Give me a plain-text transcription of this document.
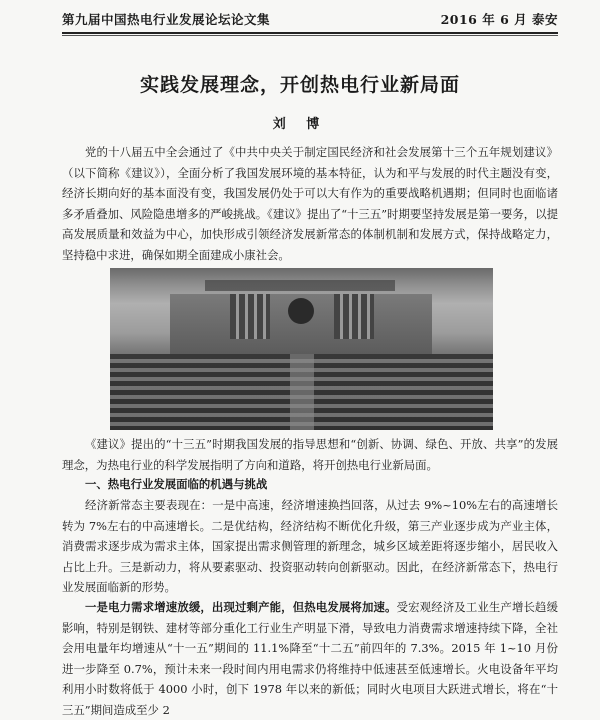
第九届中国热电行业发展论坛论文集	2016 年 6 月 泰安
实践发展理念，开创热电行业新局面
刘 博
党的十八届五中全会通过了《中共中央关于制定国民经济和社会发展第十三个五年规划建议》（以下简称《建议》），全面分析了我国发展环境的基本特征，认为和平与发展的时代主题没有变，经济长期向好的基本面没有变，我国发展仍处于可以大有作为的重要战略机遇期；但同时也面临诸多矛盾叠加、风险隐患增多的严峻挑战。《建议》提出了“十三五”时期要坚持发展是第一要务，以提高发展质量和效益为中心，加快形成引领经济发展新常态的体制机制和发展方式，保持战略定力，坚持稳中求进，确保如期全面建成小康社会。
《建议》提出的“十三五”时期我国发展的指导思想和“创新、协调、绿色、开放、共享”的发展理念，为热电行业的科学发展指明了方向和道路，将开创热电行业新局面。
一、热电行业发展面临的机遇与挑战
经济新常态主要表现在：一是中高速，经济增速换挡回落，从过去 9%~10%左右的高速增长转为 7%左右的中高速增长。二是优结构，经济结构不断优化升级，第三产业逐步成为产业主体，消费需求逐步成为需求主体，国家提出需求侧管理的新理念，城乡区域差距将逐步缩小，居民收入占比上升。三是新动力，将从要素驱动、投资驱动转向创新驱动。因此，在经济新常态下，热电行业发展面临新的形势。
一是电力需求增速放缓，出现过剩产能，但热电发展将加速。受宏观经济及工业生产增长趋缓影响，特别是钢铁、建材等部分重化工行业生产明显下滑，导致电力消费需求增速持续下降，全社会用电量年均增速从“十一五”期间的 11.1%降至“十二五”前四年的 7.3%。2015 年 1~10 月份进一步降至 0.7%，预计未来一段时间内用电需求仍将维持中低速甚至低速增长。火电设备年平均利用小时数将低于 4000 小时，创下 1978 年以来的新低；同时火电项目大跃进式增长，将在“十三五”期间造成至少 2
